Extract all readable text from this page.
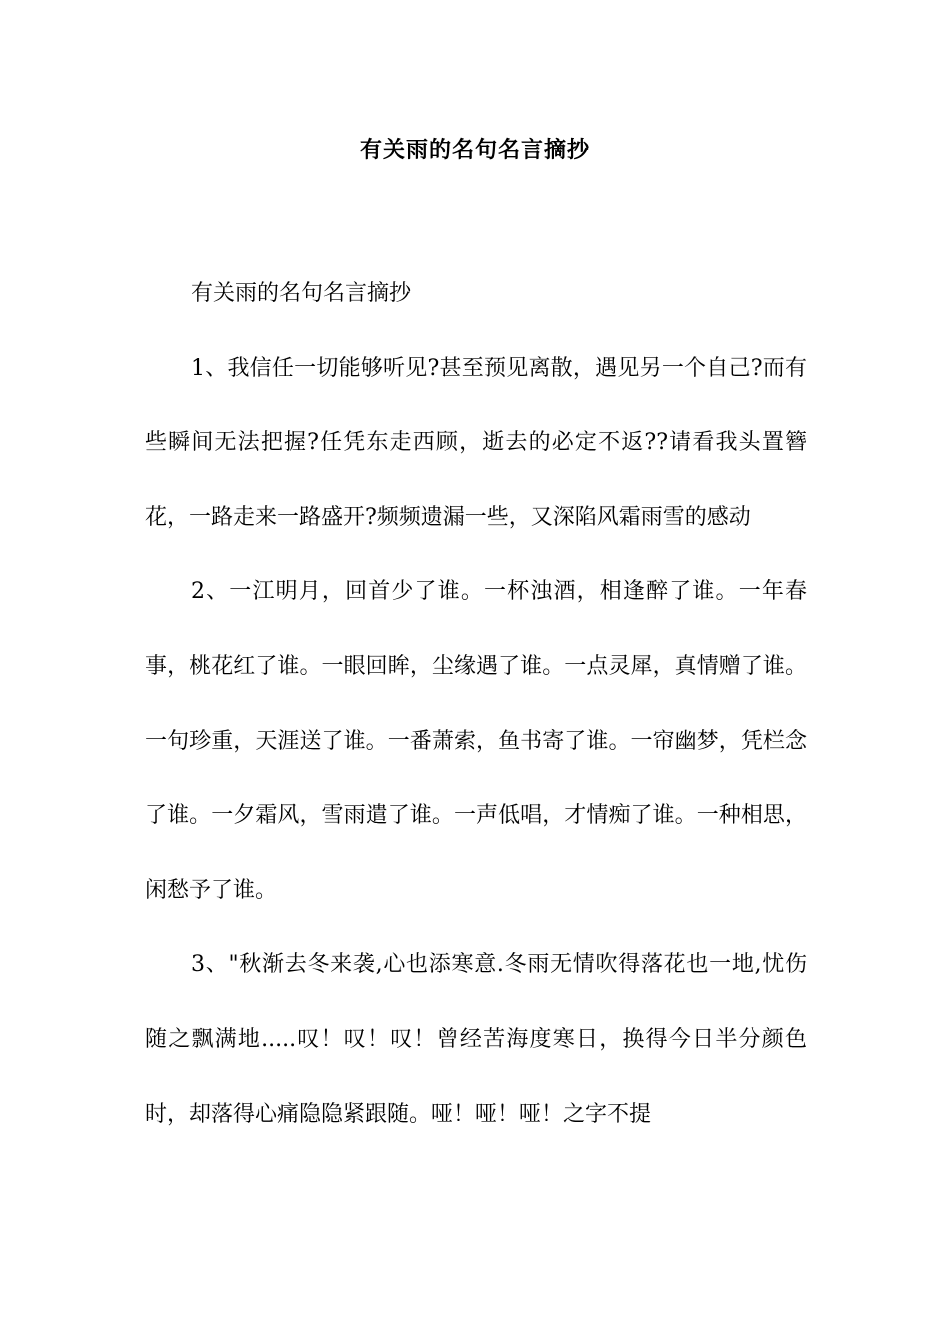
有关雨的名句名言摘抄

有关雨的名句名言摘抄

1、我信任一切能够听见?甚至预见离散，遇见另一个自己?而有些瞬间无法把握?任凭东走西顾，逝去的必定不返??请看我头置簪花，一路走来一路盛开?频频遗漏一些，又深陷风霜雨雪的感动

2、一江明月，回首少了谁。一杯浊酒，相逢醉了谁。一年春事，桃花红了谁。一眼回眸，尘缘遇了谁。一点灵犀，真情赠了谁。一句珍重，天涯送了谁。一番萧索，鱼书寄了谁。一帘幽梦，凭栏念了谁。一夕霜风，雪雨遣了谁。一声低唱，才情痴了谁。一种相思，闲愁予了谁。

3、"秋渐去冬来袭,心也添寒意.冬雨无情吹得落花也一地,忧伤随之飘满地.....叹！叹！叹！曾经苦海度寒日，换得今日半分颜色时，却落得心痛隐隐紧跟随。哑！哑！哑！之字不提
